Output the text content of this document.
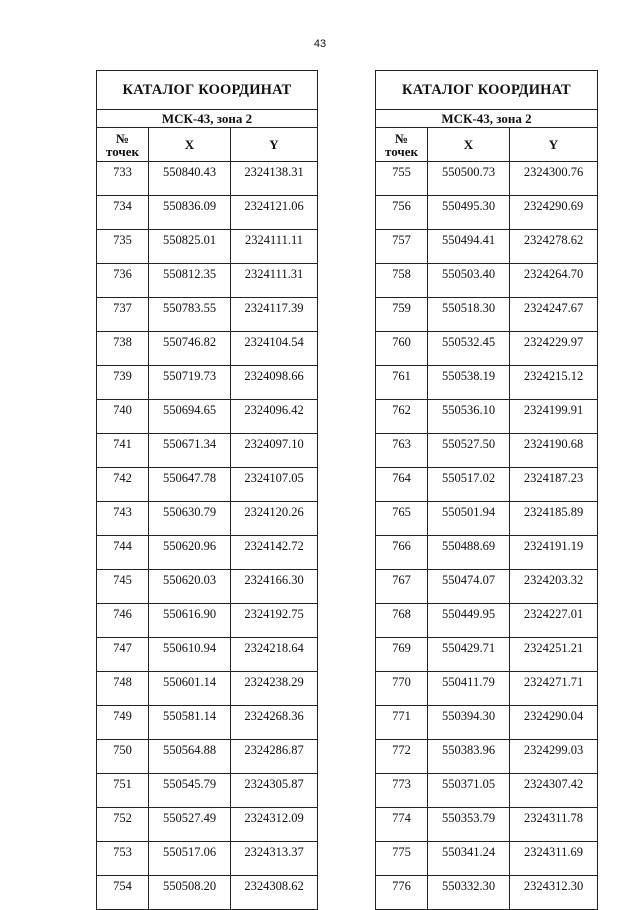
43
КАТАЛОГ КООРДИНАТ		
МСК-43, зона 2		
№
точек	X	Y
733	550840.43	2324138.31
734	550836.09	2324121.06
735	550825.01	2324111.11
736	550812.35	2324111.31
737	550783.55	2324117.39
738	550746.82	2324104.54
739	550719.73	2324098.66
740	550694.65	2324096.42
741	550671.34	2324097.10
742	550647.78	2324107.05
743	550630.79	2324120.26
744	550620.96	2324142.72
745	550620.03	2324166.30
746	550616.90	2324192.75
747	550610.94	2324218.64
748	550601.14	2324238.29
749	550581.14	2324268.36
750	550564.88	2324286.87
751	550545.79	2324305.87
752	550527.49	2324312.09
753	550517.06	2324313.37
754	550508.20	2324308.62
КАТАЛОГ КООРДИНАТ		
МСК-43, зона 2		
№
точек	X	Y
755	550500.73	2324300.76
756	550495.30	2324290.69
757	550494.41	2324278.62
758	550503.40	2324264.70
759	550518.30	2324247.67
760	550532.45	2324229.97
761	550538.19	2324215.12
762	550536.10	2324199.91
763	550527.50	2324190.68
764	550517.02	2324187.23
765	550501.94	2324185.89
766	550488.69	2324191.19
767	550474.07	2324203.32
768	550449.95	2324227.01
769	550429.71	2324251.21
770	550411.79	2324271.71
771	550394.30	2324290.04
772	550383.96	2324299.03
773	550371.05	2324307.42
774	550353.79	2324311.78
775	550341.24	2324311.69
776	550332.30	2324312.30
